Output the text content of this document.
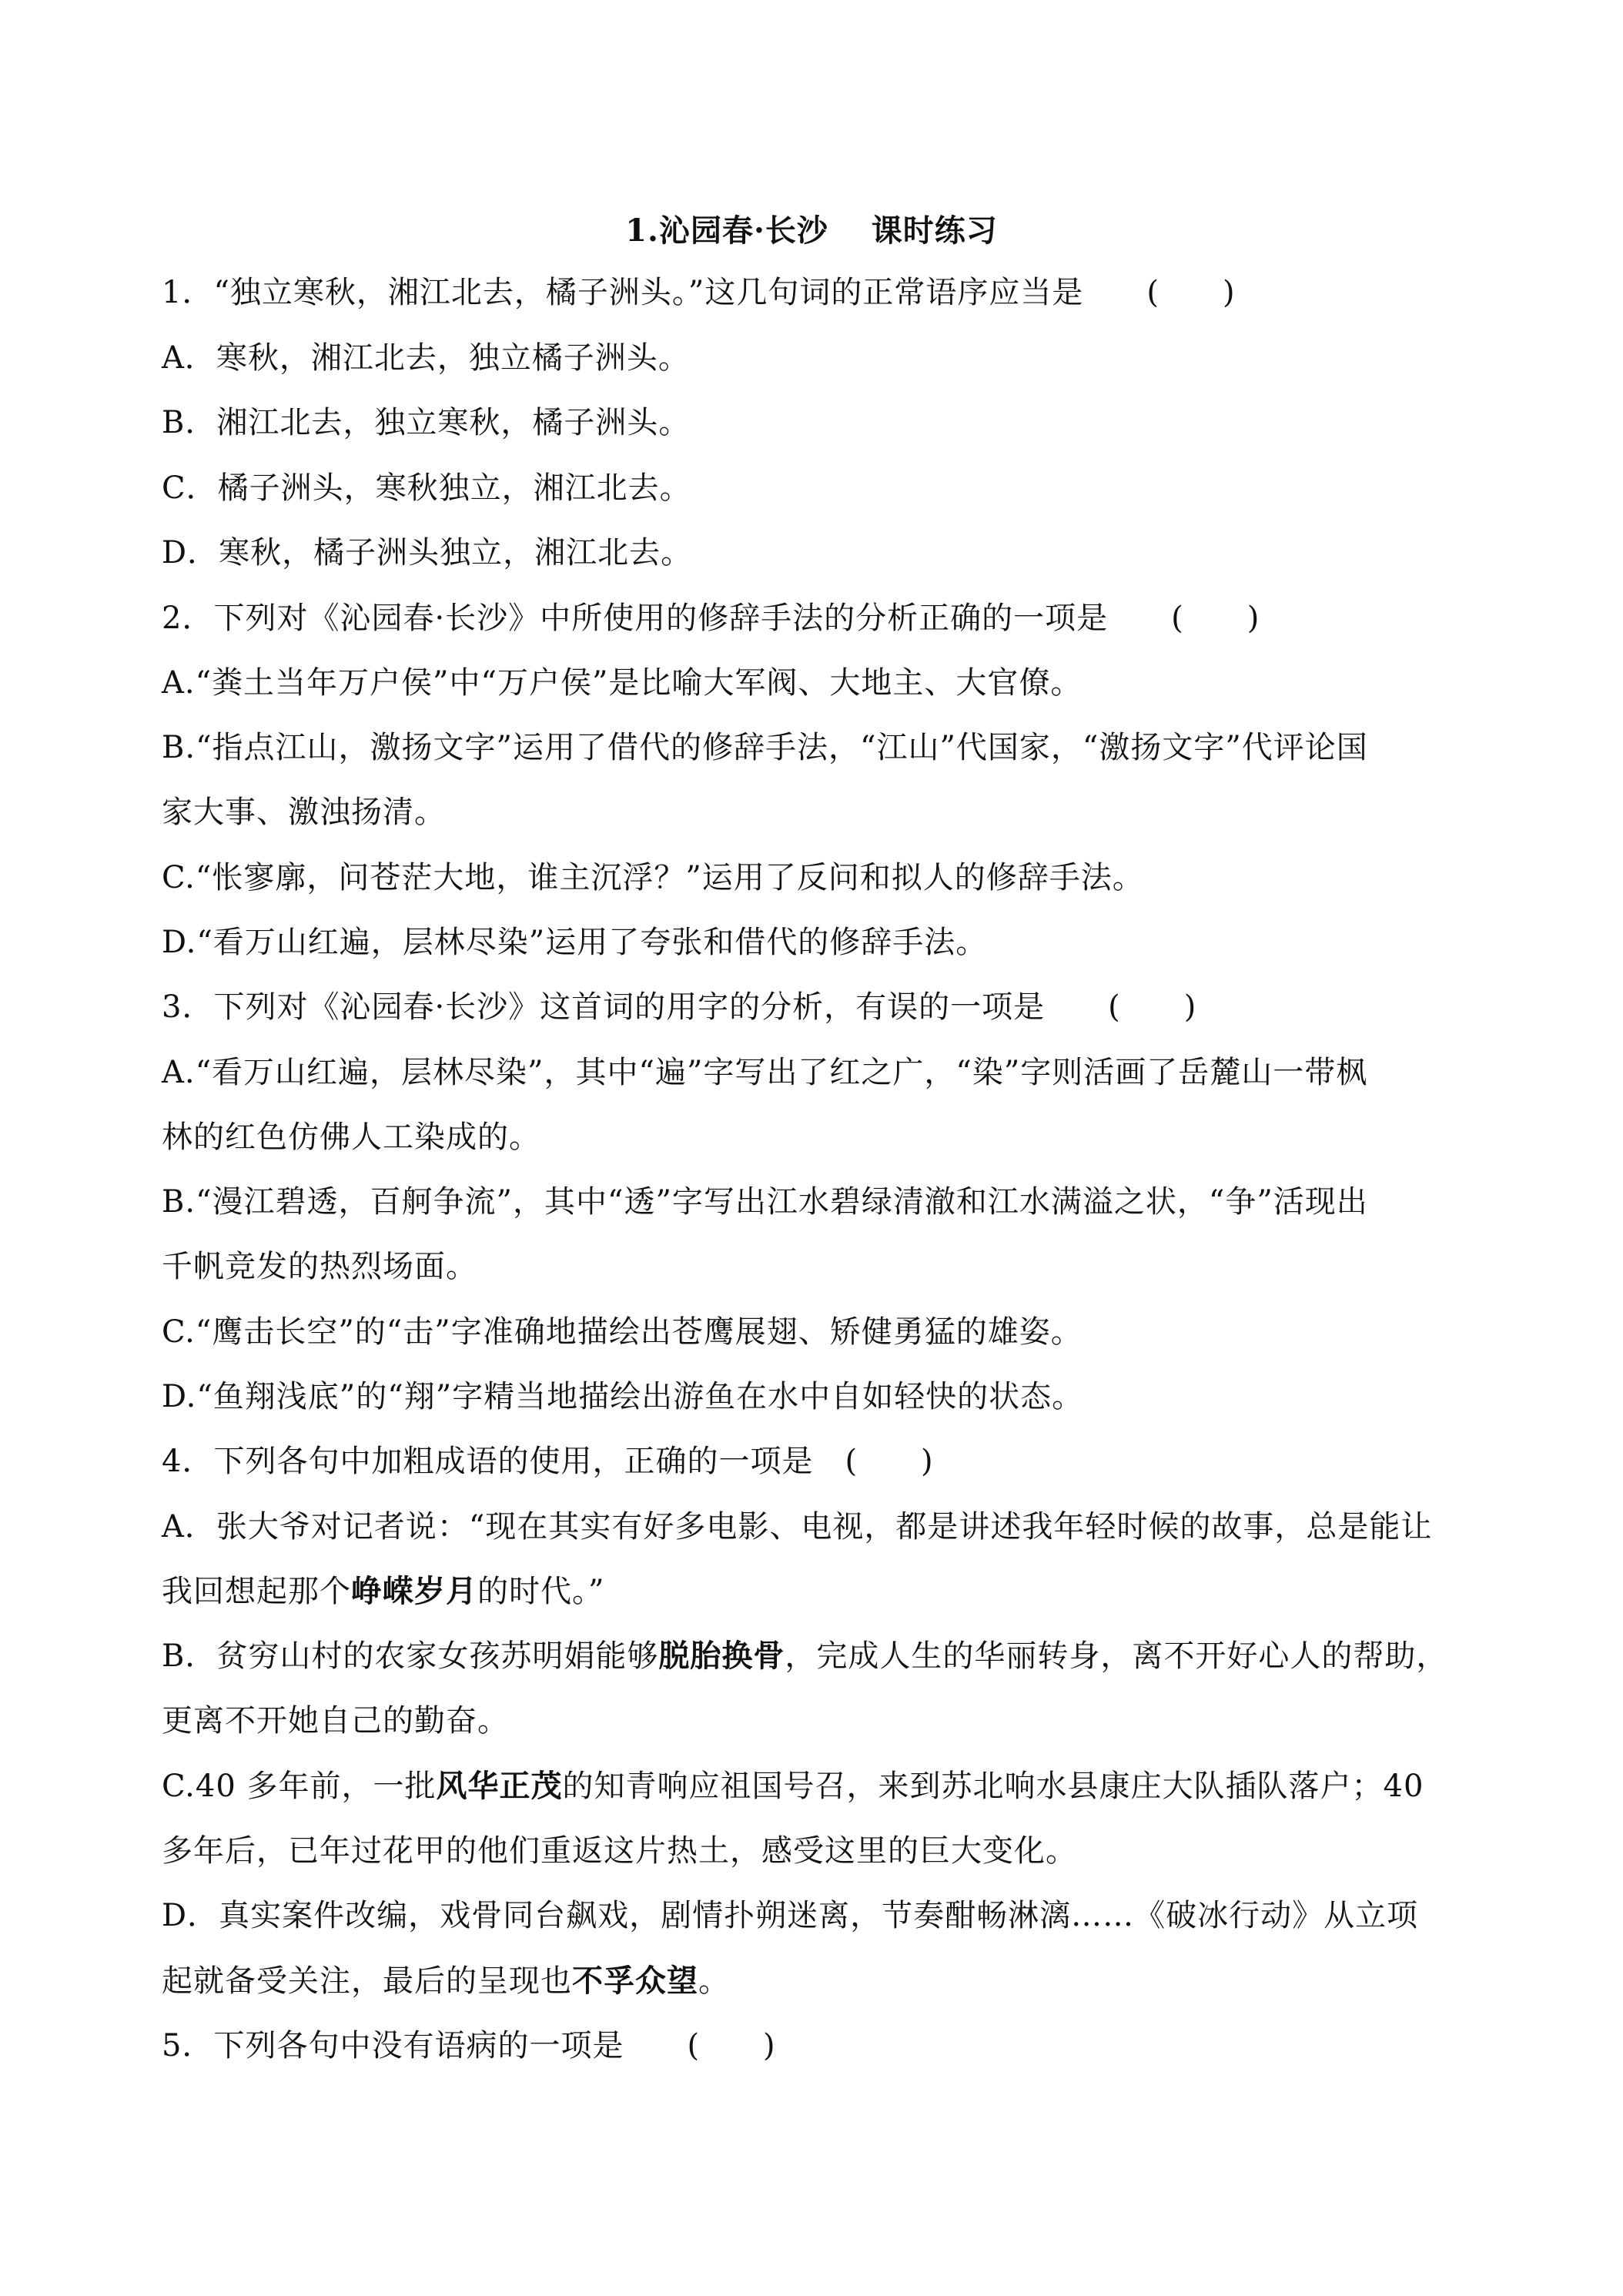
1.沁园春·长沙　 课时练习
1．“独立寒秋，湘江北去，橘子洲头。”这几句词的正常语序应当是　　(　　)
A．寒秋，湘江北去，独立橘子洲头。
B．湘江北去，独立寒秋，橘子洲头。
C．橘子洲头，寒秋独立，湘江北去。
D．寒秋，橘子洲头独立，湘江北去。
2．下列对《沁园春·长沙》中所使用的修辞手法的分析正确的一项是　　(　　)
A.“粪土当年万户侯”中“万户侯”是比喻大军阀、大地主、大官僚。
B.“指点江山，激扬文字”运用了借代的修辞手法，“江山”代国家，“激扬文字”代评论国
家大事、激浊扬清。
C.“怅寥廓，问苍茫大地，谁主沉浮？”运用了反问和拟人的修辞手法。
D.“看万山红遍，层林尽染”运用了夸张和借代的修辞手法。
3．下列对《沁园春·长沙》这首词的用字的分析，有误的一项是　　(　　)
A.“看万山红遍，层林尽染”，其中“遍”字写出了红之广，“染”字则活画了岳麓山一带枫
林的红色仿佛人工染成的。
B.“漫江碧透，百舸争流”，其中“透”字写出江水碧绿清澈和江水满溢之状，“争”活现出
千帆竞发的热烈场面。
C.“鹰击长空”的“击”字准确地描绘出苍鹰展翅、矫健勇猛的雄姿。
D.“鱼翔浅底”的“翔”字精当地描绘出游鱼在水中自如轻快的状态。
4．下列各句中加粗成语的使用，正确的一项是　(　　)
A．张大爷对记者说：“现在其实有好多电影、电视，都是讲述我年轻时候的故事，总是能让
我回想起那个峥嵘岁月的时代。”
B．贫穷山村的农家女孩苏明娟能够脱胎换骨，完成人生的华丽转身，离不开好心人的帮助，
更离不开她自己的勤奋。
C.40 多年前，一批风华正茂的知青响应祖国号召，来到苏北响水县康庄大队插队落户；40
多年后，已年过花甲的他们重返这片热土，感受这里的巨大变化。
D．真实案件改编，戏骨同台飙戏，剧情扑朔迷离，节奏酣畅淋漓……《破冰行动》从立项
起就备受关注，最后的呈现也不孚众望。
5．下列各句中没有语病的一项是　　(　　)
